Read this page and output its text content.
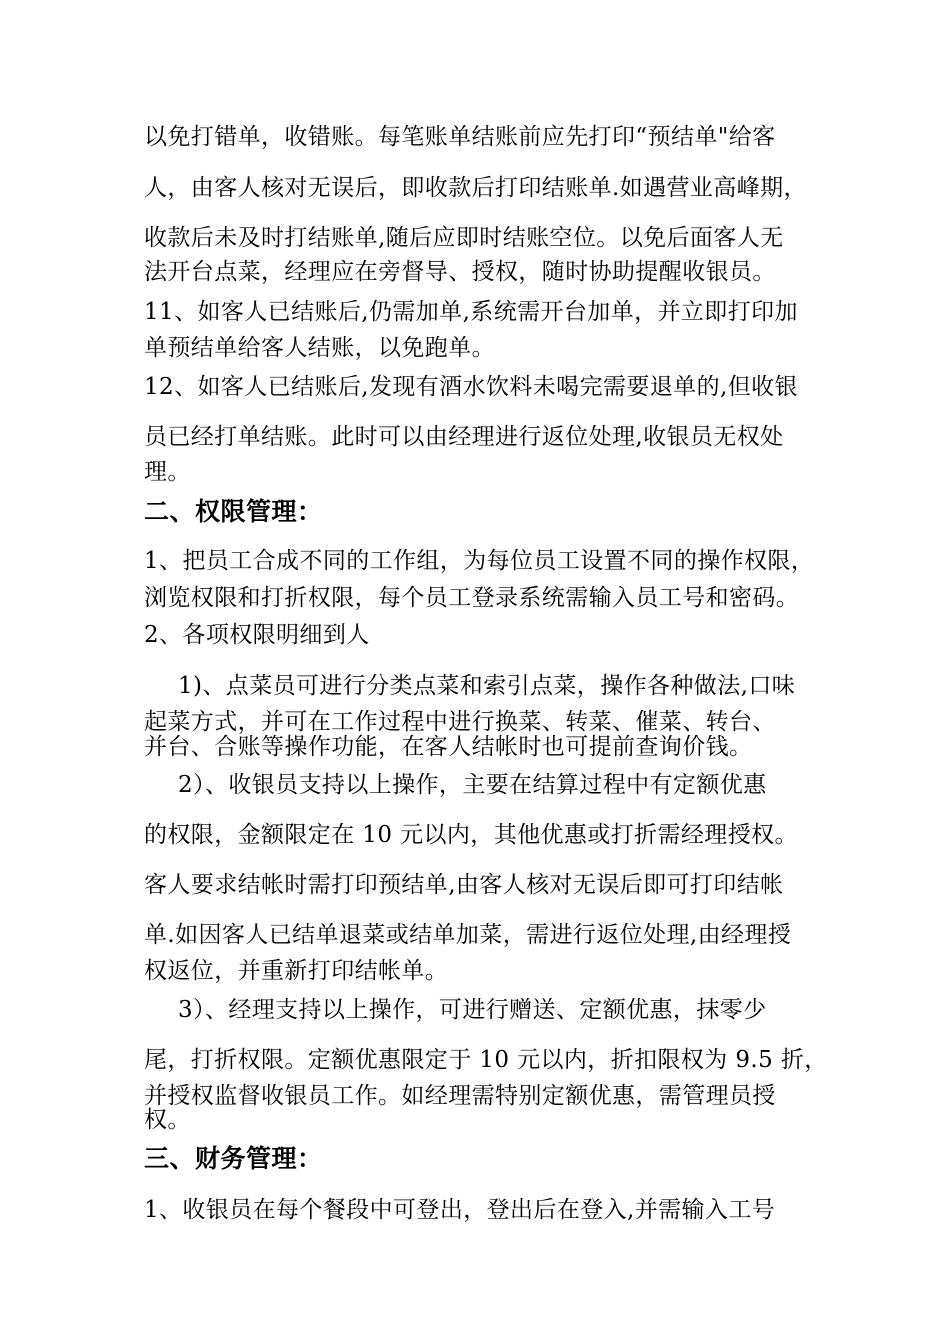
以免打错单，收错账。每笔账单结账前应先打印“预结单"给客
人，由客人核对无误后，即收款后打印结账单.如遇营业高峰期，
收款后未及时打结账单,随后应即时结账空位。以免后面客人无
法开台点菜，经理应在旁督导、授权，随时协助提醒收银员。
11、如客人已结账后,仍需加单,系统需开台加单，并立即打印加
单预结单给客人结账，以免跑单。
12、如客人已结账后,发现有酒水饮料未喝完需要退单的,但收银
员已经打单结账。此时可以由经理进行返位处理,收银员无权处
理。
二、权限管理：
1、把员工合成不同的工作组，为每位员工设置不同的操作权限，
浏览权限和打折权限，每个员工登录系统需输入员工号和密码。
2、各项权限明细到人
1)、点菜员可进行分类点菜和索引点菜，操作各种做法,口味
起菜方式，并可在工作过程中进行换菜、转菜、催菜、转台、
并台、合账等操作功能，在客人结帐时也可提前查询价钱。
2）、收银员支持以上操作，主要在结算过程中有定额优惠
的权限，金额限定在 10 元以内，其他优惠或打折需经理授权。
客人要求结帐时需打印预结单,由客人核对无误后即可打印结帐
单.如因客人已结单退菜或结单加菜，需进行返位处理,由经理授
权返位，并重新打印结帐单。
3）、经理支持以上操作，可进行赠送、定额优惠，抹零少
尾，打折权限。定额优惠限定于 10 元以内，折扣限权为 9.5 折，
并授权监督收银员工作。如经理需特别定额优惠，需管理员授
权。
三、财务管理：
1、收银员在每个餐段中可登出，登出后在登入,并需输入工号
